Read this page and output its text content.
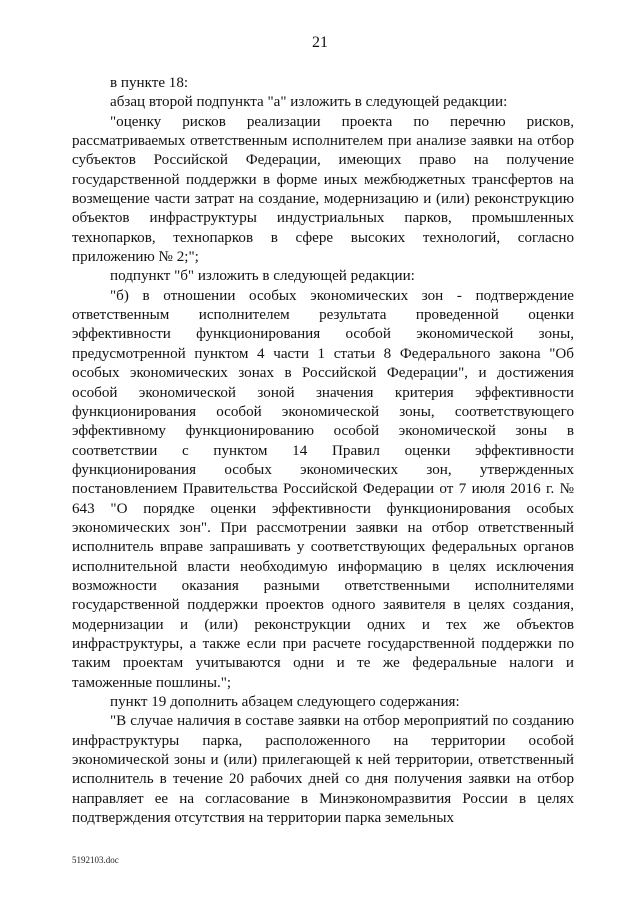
21

в пункте 18:

абзац второй подпункта "а" изложить в следующей редакции:

"оценку рисков реализации проекта по перечню рисков, рассматриваемых ответственным исполнителем при анализе заявки на отбор субъектов Российской Федерации, имеющих право на получение государственной поддержки в форме иных межбюджетных трансфертов на возмещение части затрат на создание, модернизацию и (или) реконструкцию объектов инфраструктуры индустриальных парков, промышленных технопарков, технопарков в сфере высоких технологий, согласно приложению № 2;";

подпункт "б" изложить в следующей редакции:

"б) в отношении особых экономических зон - подтверждение ответственным исполнителем результата проведенной оценки эффективности функционирования особой экономической зоны, предусмотренной пунктом 4 части 1 статьи 8 Федерального закона "Об особых экономических зонах в Российской Федерации", и достижения особой экономической зоной значения критерия эффективности функционирования особой экономической зоны, соответствующего эффективному функционированию особой экономической зоны в соответствии с пунктом 14 Правил оценки эффективности функционирования особых экономических зон, утвержденных постановлением Правительства Российской Федерации от 7 июля 2016 г. № 643 "О порядке оценки эффективности функционирования особых экономических зон". При рассмотрении заявки на отбор ответственный исполнитель вправе запрашивать у соответствующих федеральных органов исполнительной власти необходимую информацию в целях исключения возможности оказания разными ответственными исполнителями государственной поддержки проектов одного заявителя в целях создания, модернизации и (или) реконструкции одних и тех же объектов инфраструктуры, а также если при расчете государственной поддержки по таким проектам учитываются одни и те же федеральные налоги и таможенные пошлины.";

пункт 19 дополнить абзацем следующего содержания:

"В случае наличия в составе заявки на отбор мероприятий по созданию инфраструктуры парка, расположенного на территории особой экономической зоны и (или) прилегающей к ней территории, ответственный исполнитель в течение 20 рабочих дней со дня получения заявки на отбор направляет ее на согласование в Минэкономразвития России в целях подтверждения отсутствия на территории парка земельных

5192103.doc
